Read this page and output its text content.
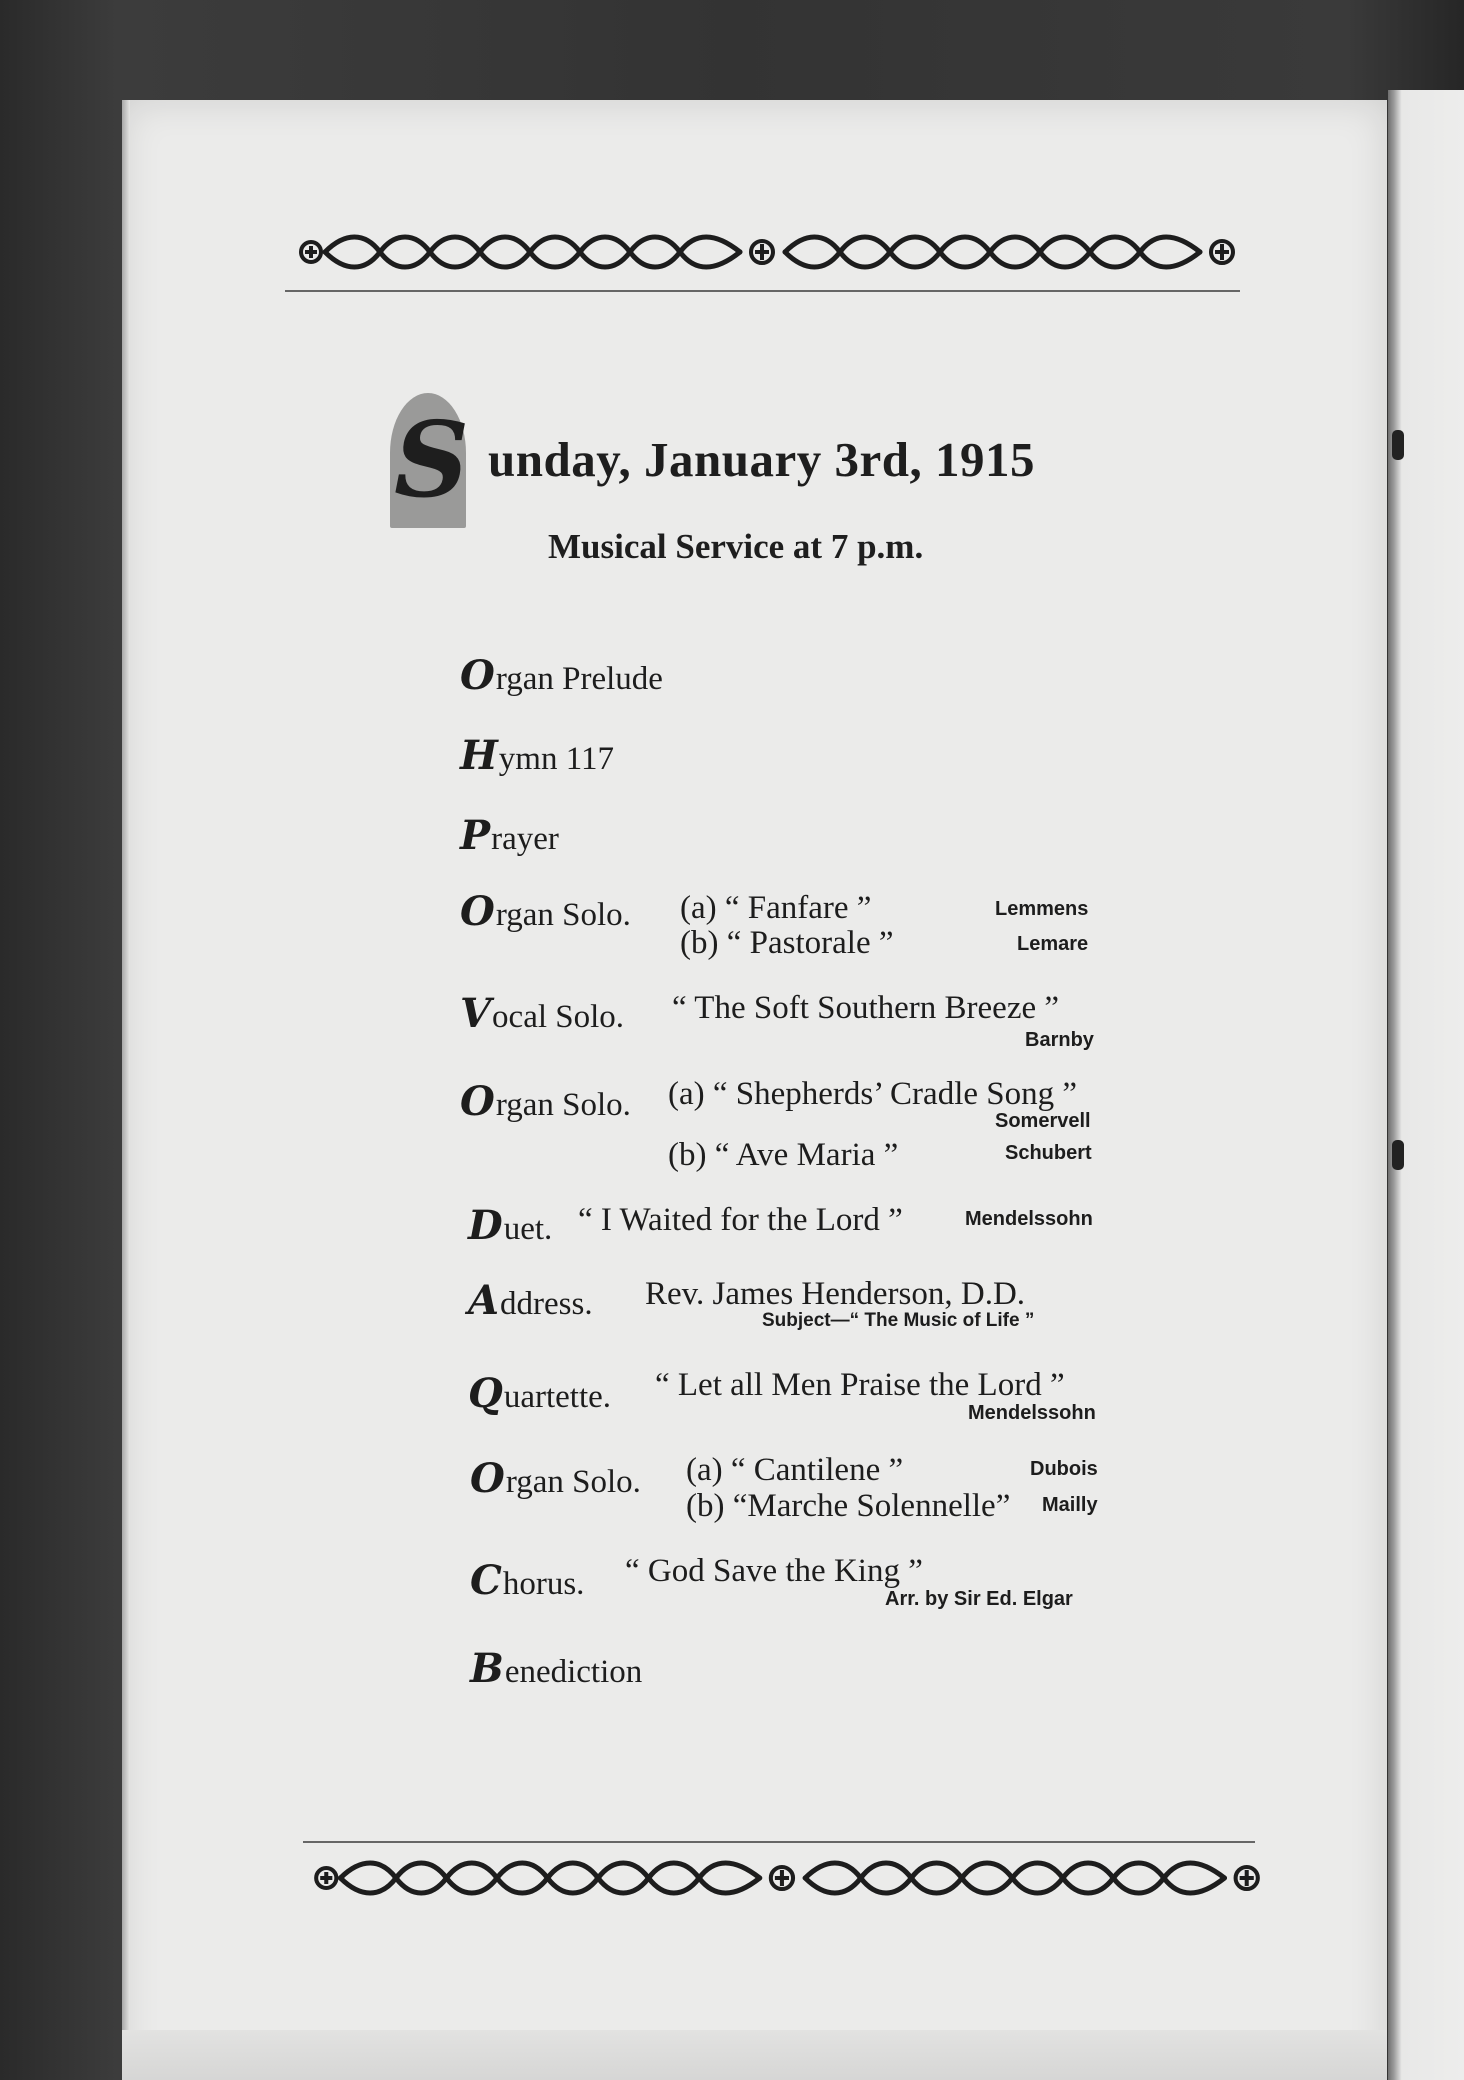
S unday, January 3rd, 1915
Musical Service at 7 p.m.
Organ Prelude
Hymn 117
Prayer
Organ Solo. (a) “ Fanfare ”	Lemmens
(b) “ Pastorale ”	Lemare
Vocal Solo. “ The Soft Southern Breeze ”
Barnby
Organ Solo. (a) “ Shepherds’ Cradle Song ”
Somervell
(b) “ Ave Maria ”	Schubert
Duet. “ I Waited for the Lord ”	Mendelssohn
Address. Rev. James Henderson, D.D.
Subject—“ The Music of Life ”
Quartette. “ Let all Men Praise the Lord ”
Mendelssohn
Organ Solo. (a) “ Cantilene ”	Dubois
(b) “Marche Solennelle” Mailly
Chorus. “ God Save the King ”
Arr. by Sir Ed. Elgar
Benediction
